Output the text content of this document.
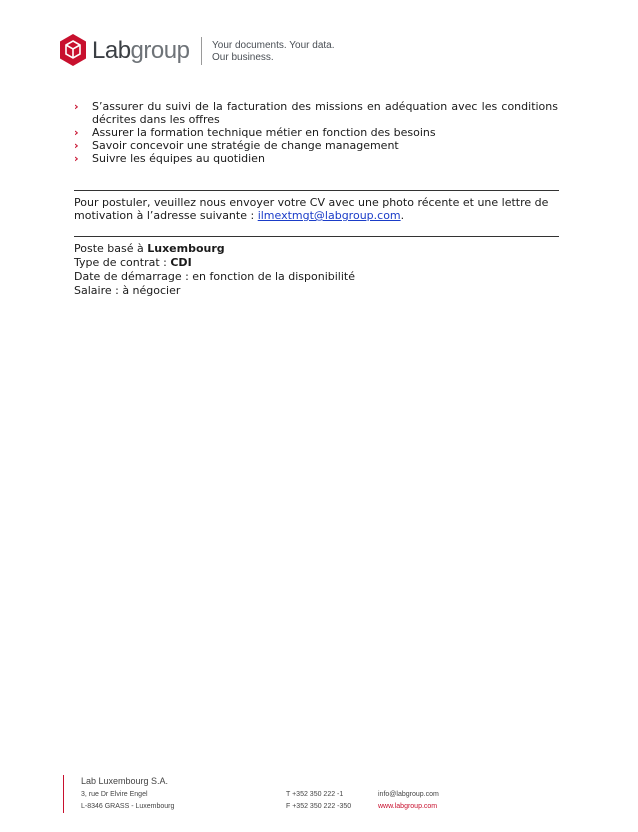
Labgroup Your documents. Your data.
Our business.
› S’assurer du suivi de la facturation des missions en adéquation avec les conditions décrites dans les offres
› Assurer la formation technique métier en fonction des besoins
› Savoir concevoir une stratégie de change management
› Suivre les équipes au quotidien
Pour postuler, veuillez nous envoyer votre CV avec une photo récente et une lettre de motivation à l’adresse suivante : ilmextmgt@labgroup.com.
Poste basé à Luxembourg
Type de contrat : CDI
Date de démarrage : en fonction de la disponibilité
Salaire : à négocier
Lab Luxembourg S.A.
3, rue Dr Elvire Engel
L-8346 GRASS - Luxembourg
T +352 350 222 -1
F +352 350 222 -350
info@labgroup.com
www.labgroup.com
